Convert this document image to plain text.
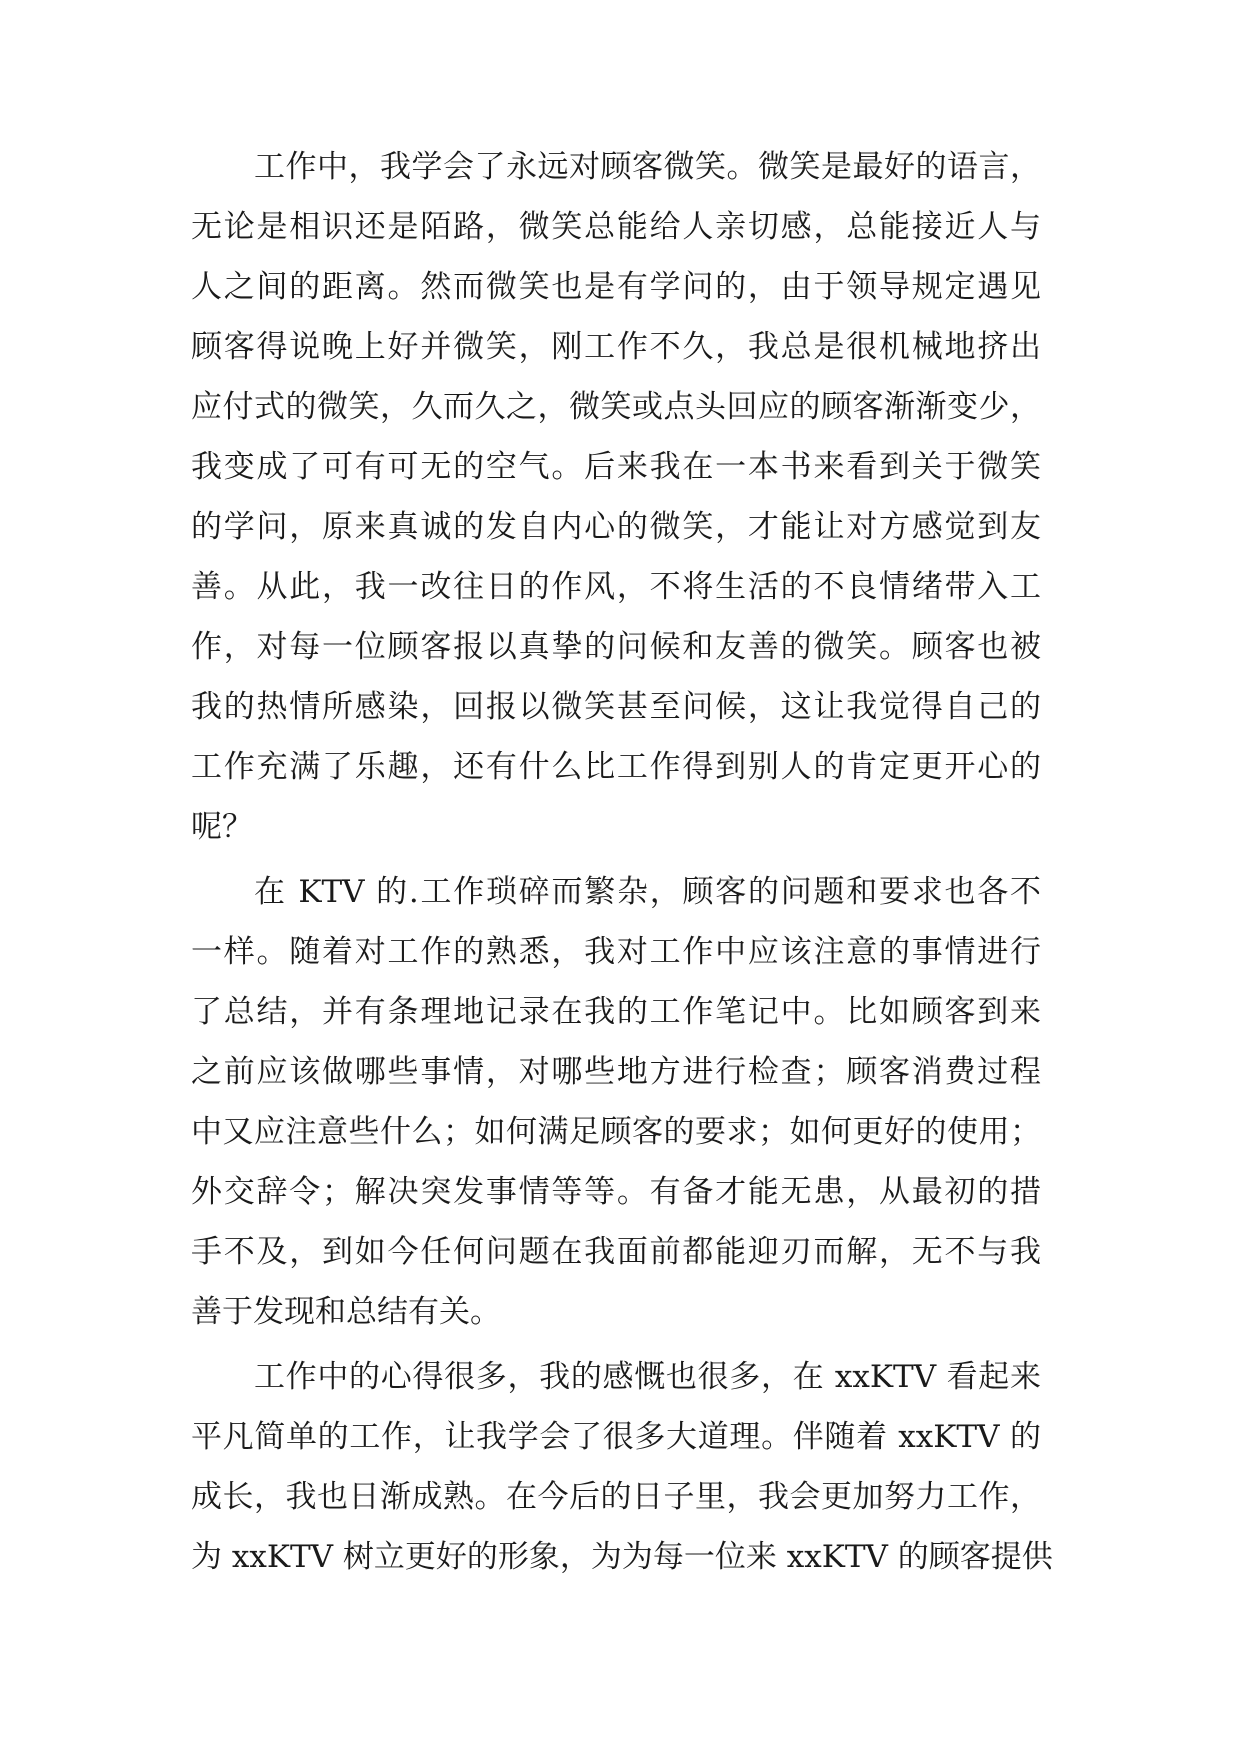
工作中，我学会了永远对顾客微笑。微笑是最好的语言，
无论是相识还是陌路，微笑总能给人亲切感，总能接近人与
人之间的距离。然而微笑也是有学问的，由于领导规定遇见
顾客得说晚上好并微笑，刚工作不久，我总是很机械地挤出
应付式的微笑，久而久之，微笑或点头回应的顾客渐渐变少，
我变成了可有可无的空气。后来我在一本书来看到关于微笑
的学问，原来真诚的发自内心的微笑，才能让对方感觉到友
善。从此，我一改往日的作风，不将生活的不良情绪带入工
作，对每一位顾客报以真挚的问候和友善的微笑。顾客也被
我的热情所感染，回报以微笑甚至问候，这让我觉得自己的
工作充满了乐趣，还有什么比工作得到别人的肯定更开心的
呢？
在 KTV 的.工作琐碎而繁杂，顾客的问题和要求也各不
一样。随着对工作的熟悉，我对工作中应该注意的事情进行
了总结，并有条理地记录在我的工作笔记中。比如顾客到来
之前应该做哪些事情，对哪些地方进行检查；顾客消费过程
中又应注意些什么；如何满足顾客的要求；如何更好的使用；
外交辞令；解决突发事情等等。有备才能无患，从最初的措
手不及，到如今任何问题在我面前都能迎刃而解，无不与我
善于发现和总结有关。
工作中的心得很多，我的感慨也很多，在 xxKTV 看起来
平凡简单的工作，让我学会了很多大道理。伴随着 xxKTV 的
成长，我也日渐成熟。在今后的日子里，我会更加努力工作，
为 xxKTV 树立更好的形象，为为每一位来 xxKTV 的顾客提供
